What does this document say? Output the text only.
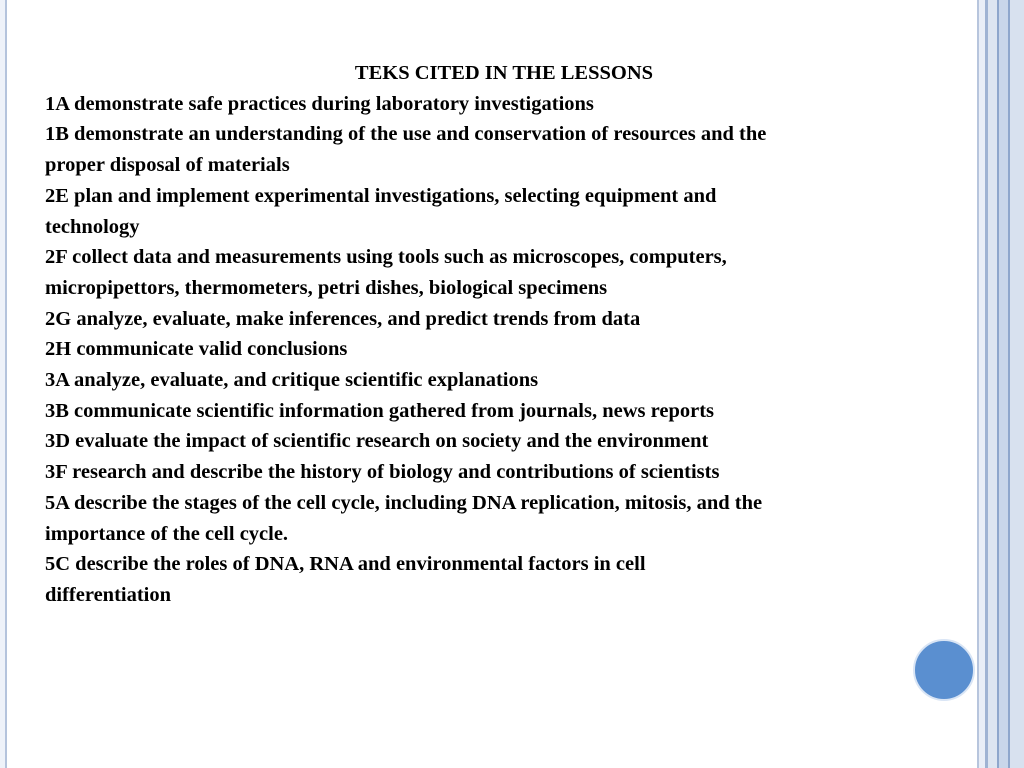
TEKS CITED IN THE LESSONS

1A demonstrate safe practices during laboratory investigations

1B demonstrate an understanding of the use and conservation of resources and the

proper disposal of materials

2E plan and implement experimental investigations, selecting equipment and

technology

2F collect data and measurements using tools such as microscopes, computers,

micropipettors, thermometers, petri dishes, biological specimens

2G analyze, evaluate, make inferences, and predict trends from data

2H communicate valid conclusions

3A analyze, evaluate, and critique scientific explanations

3B communicate scientific information gathered from journals, news reports

3D evaluate the impact of scientific research on society and the environment

3F research and describe the history of biology and contributions of scientists

5A describe the stages of the cell cycle, including DNA replication, mitosis, and the

importance of the cell cycle.

5C describe the roles of DNA, RNA and environmental factors in cell

differentiation
